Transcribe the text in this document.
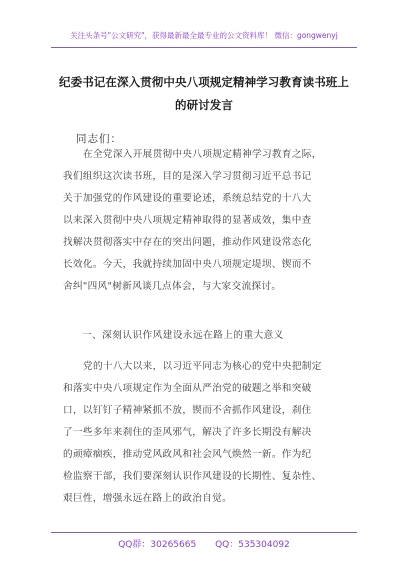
关注头条号"公文研究"，获得最新最全最专业的公文资料库！ 微信：gongwenyj
纪委书记在深入贯彻中央八项规定精神学习教育读书班上
的研讨发言
同志们：
在全党深入开展贯彻中央八项规定精神学习教育之际，
我们组织这次读书班，目的是深入学习贯彻习近平总书记
关于加强党的作风建设的重要论述，系统总结党的十八大
以来深入贯彻中央八项规定精神取得的显著成效，集中查
找解决贯彻落实中存在的突出问题，推动作风建设常态化
长效化。今天，我就持续加固中央八项规定堤坝、锲而不
舍纠"四风"树新风谈几点体会，与大家交流探讨。
一、深刻认识作风建设永远在路上的重大意义
党的十八大以来，以习近平同志为核心的党中央把制定
和落实中央八项规定作为全面从严治党的破题之举和突破
口，以钉钉子精神紧抓不放，锲而不舍抓作风建设，刹住
了一些多年来刹住的歪风邪气，解决了许多长期没有解决
的顽瘴痼疾，推动党风政风和社会风气焕然一新。作为纪
检监察干部，我们要深刻认识作风建设的长期性、复杂性、
艰巨性，增强永远在路上的政治自觉。
QQ群：30265665 QQ：535304092
